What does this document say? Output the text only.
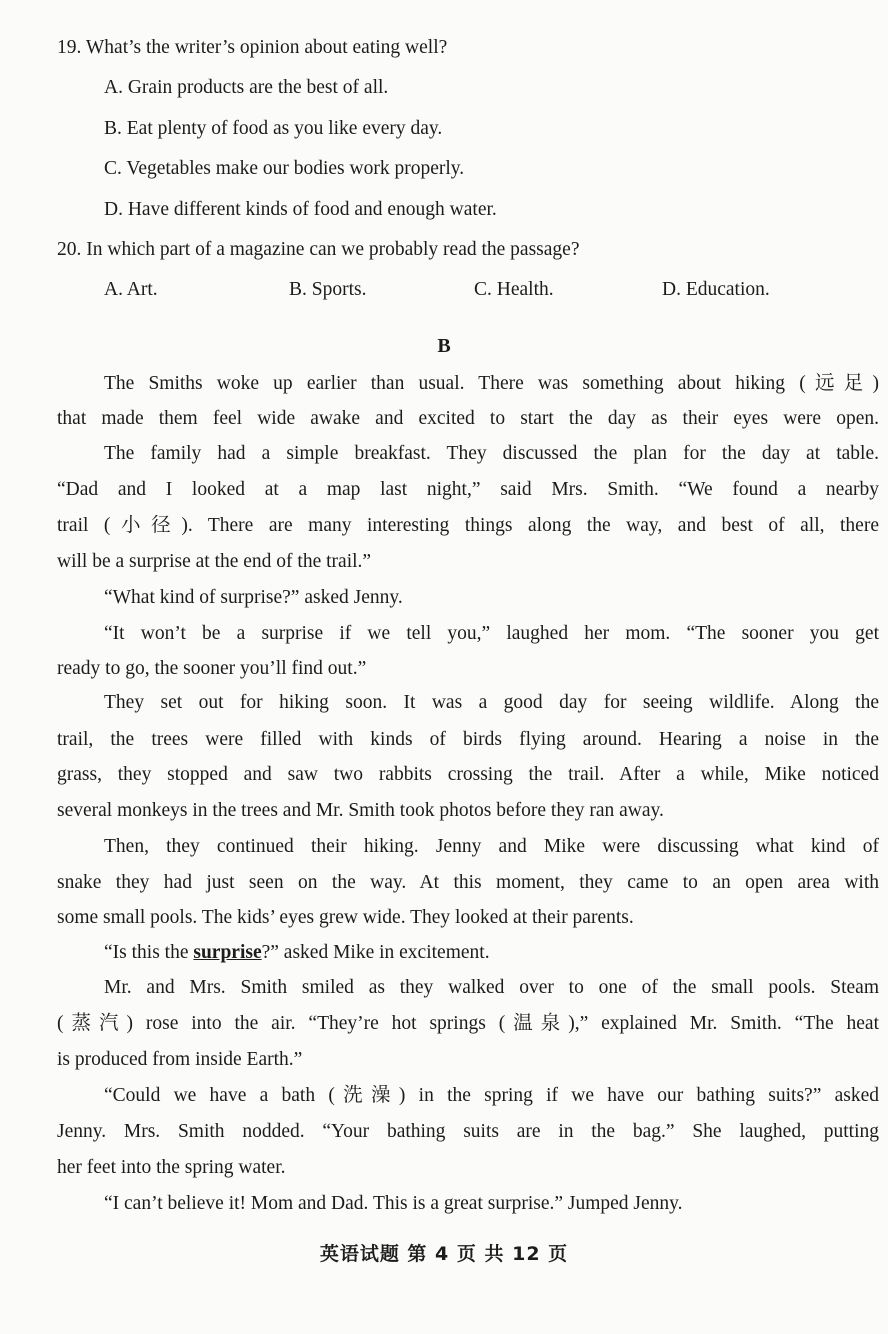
19. What’s the writer’s opinion about eating well?
A. Grain products are the best of all.
B. Eat plenty of food as you like every day.
C. Vegetables make our bodies work properly.
D. Have different kinds of food and enough water.
20. In which part of a magazine can we probably read the passage?
A. Art.	B. Sports.	C. Health.	D. Education.
B
The Smiths woke up earlier than usual. There was something about hiking (远足)
that made them feel wide awake and excited to start the day as their eyes were open.
The family had a simple breakfast. They discussed the plan for the day at table.
“Dad and I looked at a map last night,” said Mrs. Smith. “We found a nearby
trail (小径). There are many interesting things along the way, and best of all, there
will be a surprise at the end of the trail.”
“What kind of surprise?” asked Jenny.
“It won’t be a surprise if we tell you,” laughed her mom. “The sooner you get
ready to go, the sooner you’ll find out.”
They set out for hiking soon. It was a good day for seeing wildlife. Along the
trail, the trees were filled with kinds of birds flying around. Hearing a noise in the
grass, they stopped and saw two rabbits crossing the trail. After a while, Mike noticed
several monkeys in the trees and Mr. Smith took photos before they ran away.
Then, they continued their hiking. Jenny and Mike were discussing what kind of
snake they had just seen on the way. At this moment, they came to an open area with
some small pools. The kids’ eyes grew wide. They looked at their parents.
“Is this the surprise?” asked Mike in excitement.
Mr. and Mrs. Smith smiled as they walked over to one of the small pools. Steam
(蒸汽) rose into the air. “They’re hot springs (温泉),” explained Mr. Smith. “The heat
is produced from inside Earth.”
“Could we have a bath (洗澡) in the spring if we have our bathing suits?” asked
Jenny. Mrs. Smith nodded. “Your bathing suits are in the bag.” She laughed, putting
her feet into the spring water.
“I can’t believe it! Mom and Dad. This is a great surprise.” Jumped Jenny.
英语试题 第 4 页 共 12 页
